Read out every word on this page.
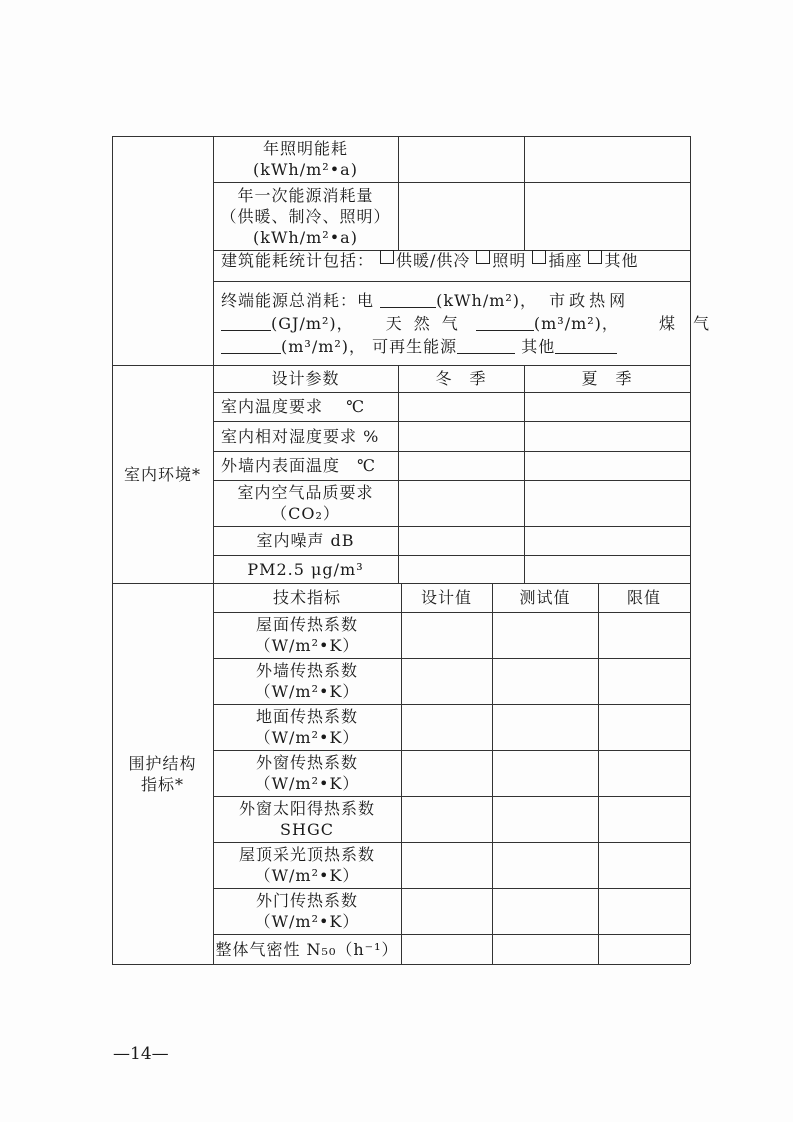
年照明能耗
(kWh/m²•a)
年一次能源消耗量
（供暖、制冷、照明）
(kWh/m²•a)
建筑能耗统计包括： 供暖/供冷 照明 插座 其他
终端能源总消耗：电	(kWh/m²)， 市政热网
(GJ/m²)， 天然气	(m³/m²)，	煤气
(m³/m²)， 可再生能源	其他
室内环境*
设计参数	冬　季	夏　季
室内温度要求　 ℃
室内相对湿度要求 %
外墙内表面温度　℃
室内空气品质要求
（CO₂）
室内噪声 dB
PM2.5 μg/m³
围护结构
指标*
技术指标	设计值	测试值	限值
屋面传热系数
（W/m²•K）
外墙传热系数
（W/m²•K）
地面传热系数
（W/m²•K）
外窗传热系数
（W/m²•K）
外窗太阳得热系数
SHGC
屋顶采光顶热系数
（W/m²•K）
外门传热系数
（W/m²•K）
整体气密性 N₅₀（h⁻¹）
—14—
